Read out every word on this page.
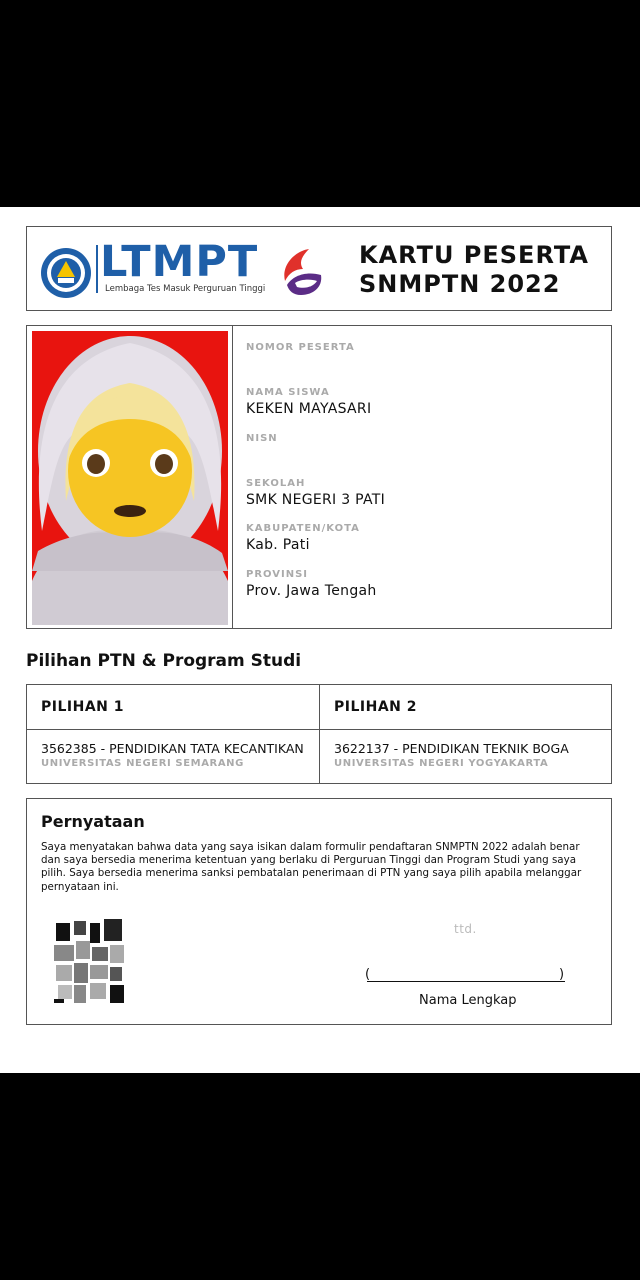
LTMPT
Lembaga Tes Masuk Perguruan Tinggi
KARTU PESERTA
SNMPTN 2022
NOMOR PESERTA
NAMA SISWA
KEKEN MAYASARI
NISN
SEKOLAH
SMK NEGERI 3 PATI
KABUPATEN/KOTA
Kab. Pati
PROVINSI
Prov. Jawa Tengah
Pilihan PTN & Program Studi
PILIHAN 1
3562385 - PENDIDIKAN TATA KECANTIKAN
UNIVERSITAS NEGERI SEMARANG
PILIHAN 2
3622137 - PENDIDIKAN TEKNIK BOGA
UNIVERSITAS NEGERI YOGYAKARTA
Pernyataan
Saya menyatakan bahwa data yang saya isikan dalam formulir pendaftaran SNMPTN 2022 adalah benar dan saya bersedia menerima ketentuan yang berlaku di Perguruan Tinggi dan Program Studi yang saya pilih. Saya bersedia menerima sanksi pembatalan penerimaan di PTN yang saya pilih apabila melanggar pernyataan ini.
ttd.
(	)
Nama Lengkap
